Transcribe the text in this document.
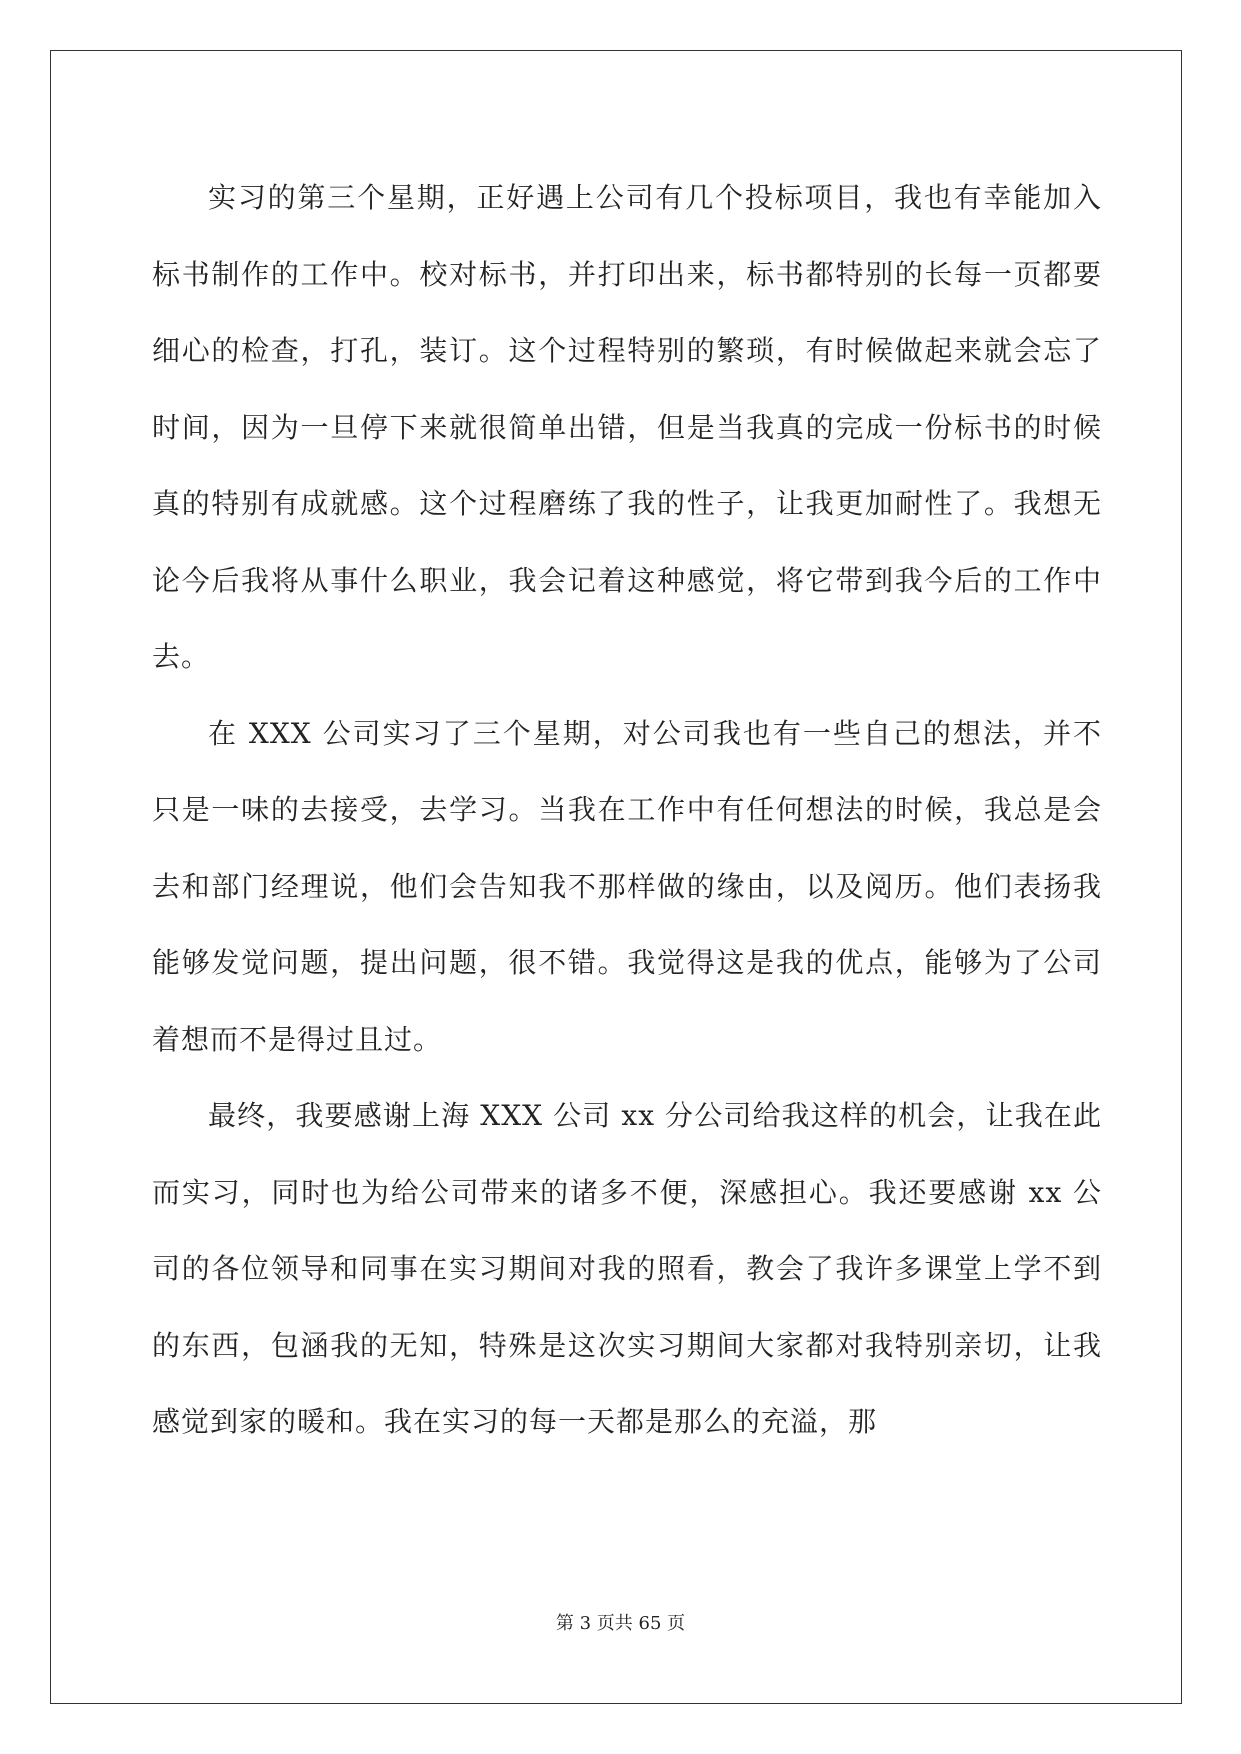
实习的第三个星期，正好遇上公司有几个投标项目，我也有幸能加入标书制作的工作中。校对标书，并打印出来，标书都特别的长每一页都要细心的检查，打孔，装订。这个过程特别的繁琐，有时候做起来就会忘了时间，因为一旦停下来就很简单出错，但是当我真的完成一份标书的时候真的特别有成就感。这个过程磨练了我的性子，让我更加耐性了。我想无论今后我将从事什么职业，我会记着这种感觉，将它带到我今后的工作中去。

在 XXX 公司实习了三个星期，对公司我也有一些自己的想法，并不只是一味的去接受，去学习。当我在工作中有任何想法的时候，我总是会去和部门经理说，他们会告知我不那样做的缘由，以及阅历。他们表扬我能够发觉问题，提出问题，很不错。我觉得这是我的优点，能够为了公司着想而不是得过且过。

最终，我要感谢上海 XXX 公司 xx 分公司给我这样的机会，让我在此而实习，同时也为给公司带来的诸多不便，深感担心。我还要感谢 xx 公司的各位领导和同事在实习期间对我的照看，教会了我许多课堂上学不到的东西，包涵我的无知，特殊是这次实习期间大家都对我特别亲切，让我感觉到家的暖和。我在实习的每一天都是那么的充溢，那

第 3 页共 65 页
